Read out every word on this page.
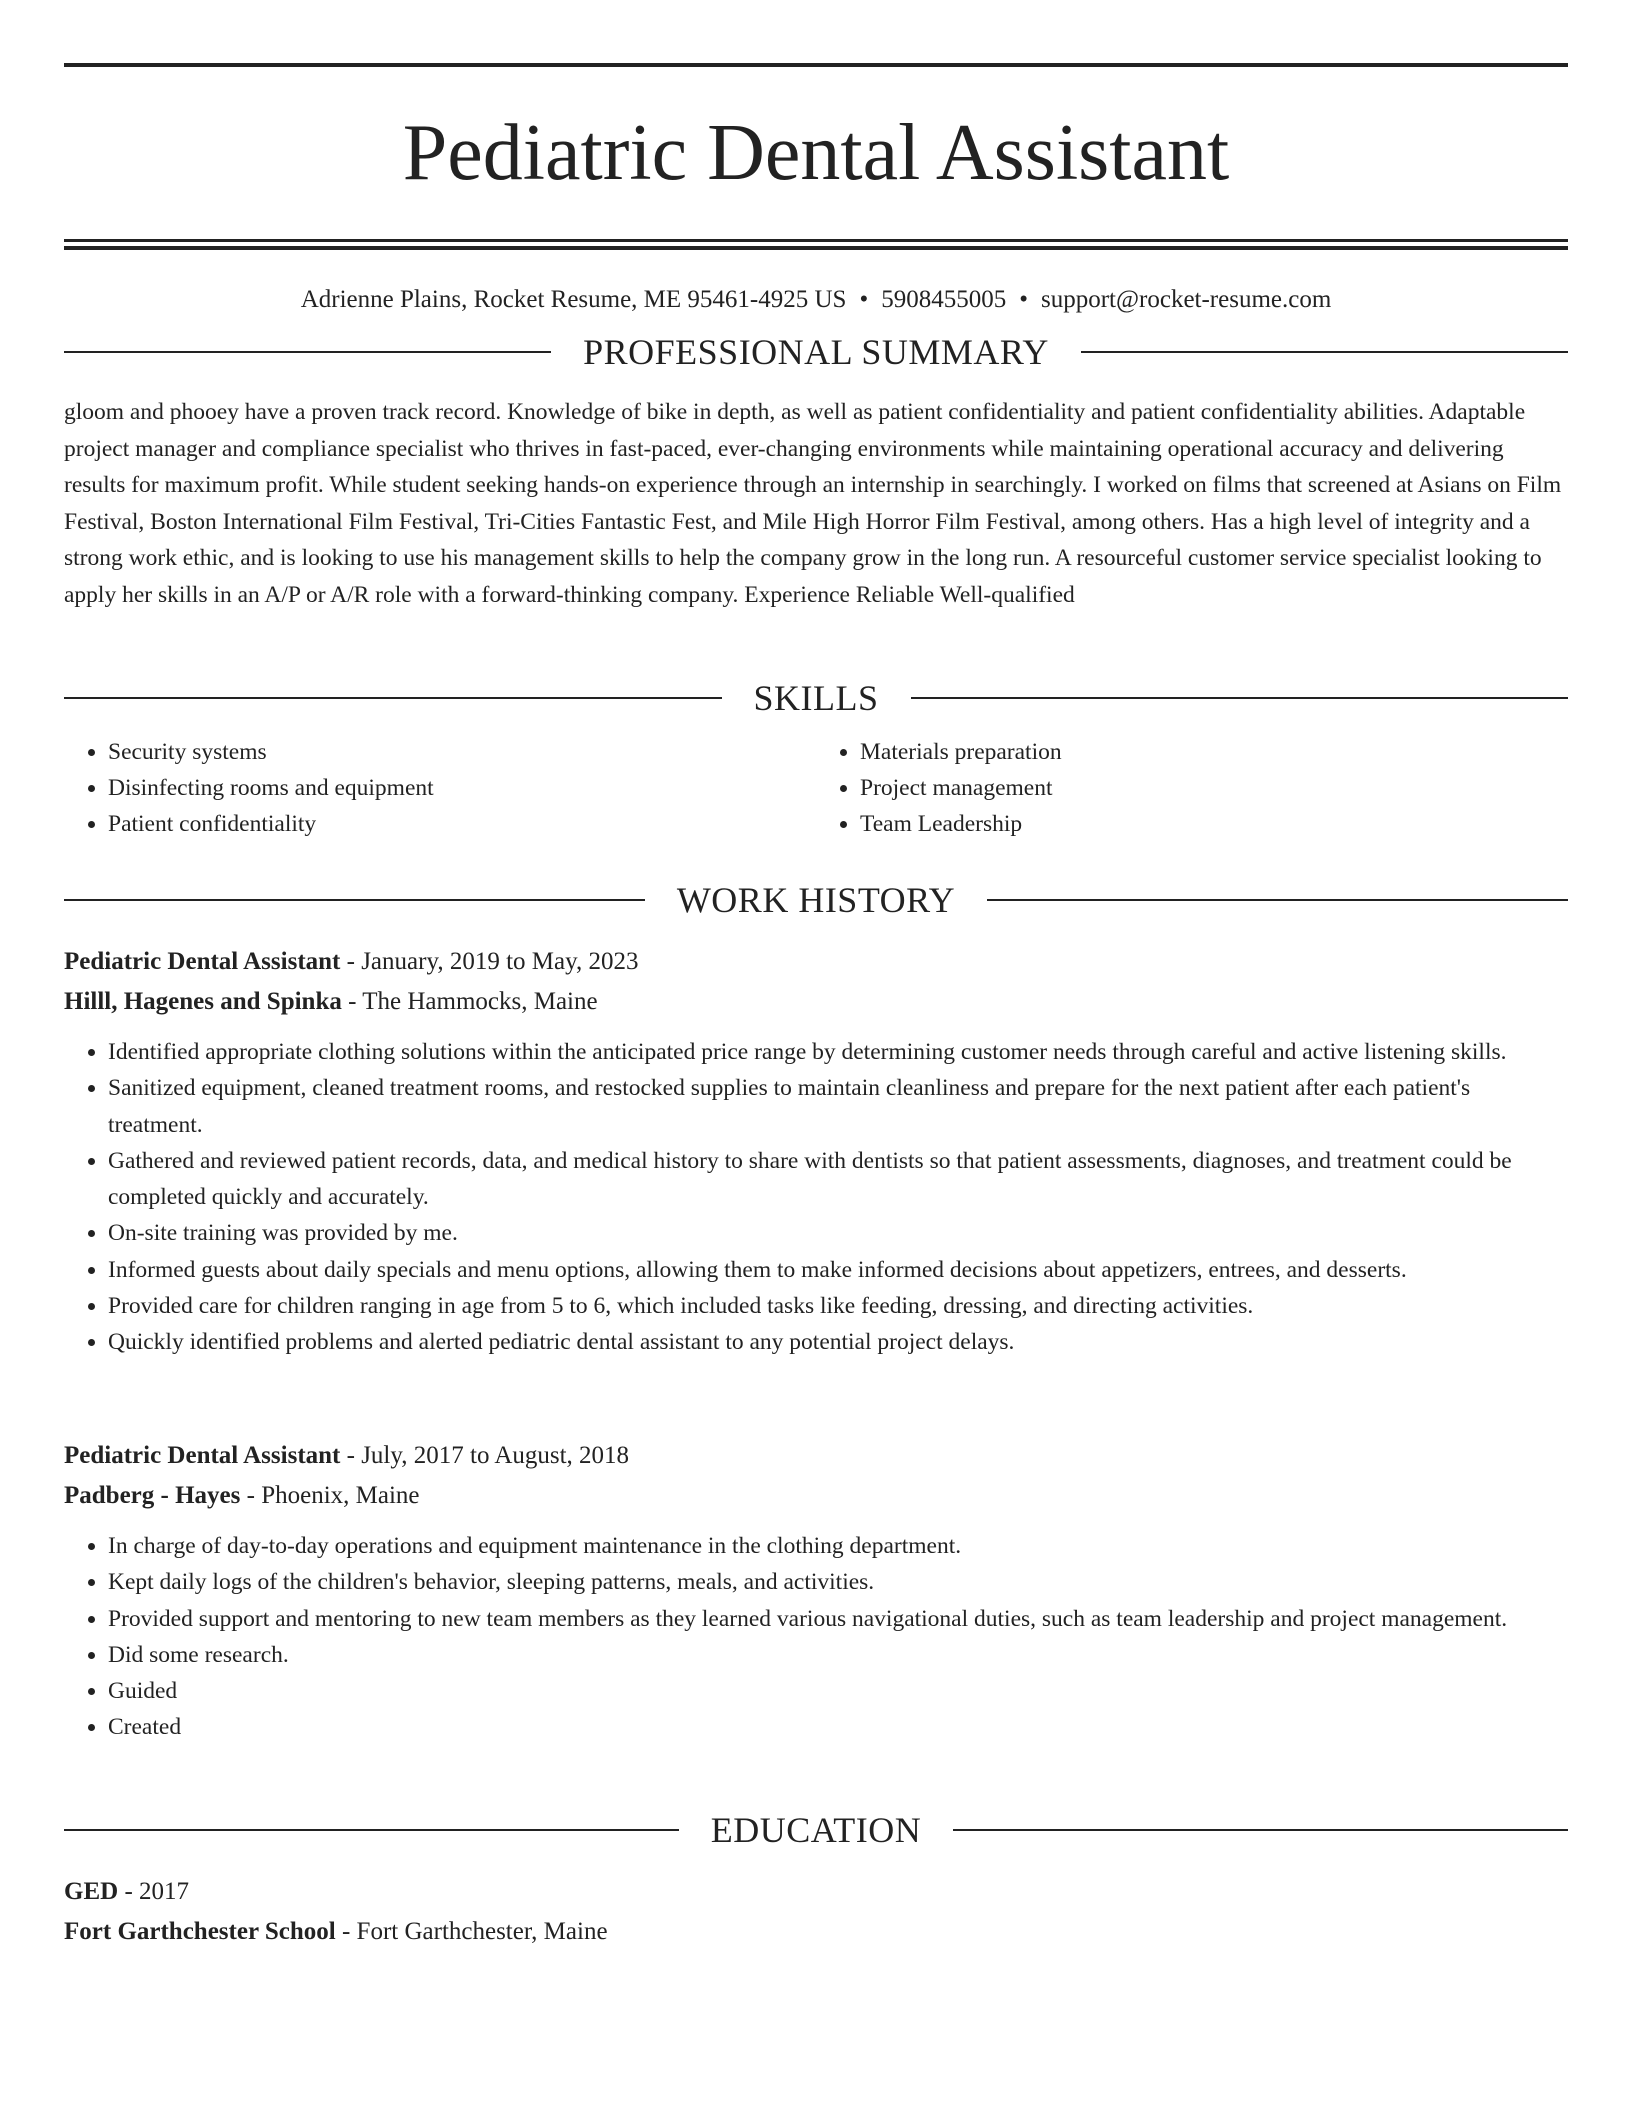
Pediatric Dental Assistant
Adrienne Plains, Rocket Resume, ME 95461-4925 US • 5908455005 • support@rocket-resume.com
PROFESSIONAL SUMMARY
gloom and phooey have a proven track record. Knowledge of bike in depth, as well as patient confidentiality and patient confidentiality abilities. Adaptable project manager and compliance specialist who thrives in fast-paced, ever-changing environments while maintaining operational accuracy and delivering results for maximum profit. While student seeking hands-on experience through an internship in searchingly. I worked on films that screened at Asians on Film Festival, Boston International Film Festival, Tri-Cities Fantastic Fest, and Mile High Horror Film Festival, among others. Has a high level of integrity and a strong work ethic, and is looking to use his management skills to help the company grow in the long run. A resourceful customer service specialist looking to apply her skills in an A/P or A/R role with a forward-thinking company. Experience Reliable Well-qualified
SKILLS
• Security systems
• Disinfecting rooms and equipment
• Patient confidentiality
• Materials preparation
• Project management
• Team Leadership
WORK HISTORY
Pediatric Dental Assistant - January, 2019 to May, 2023
Hilll, Hagenes and Spinka - The Hammocks, Maine
• Identified appropriate clothing solutions within the anticipated price range by determining customer needs through careful and active listening skills.
• Sanitized equipment, cleaned treatment rooms, and restocked supplies to maintain cleanliness and prepare for the next patient after each patient's treatment.
• Gathered and reviewed patient records, data, and medical history to share with dentists so that patient assessments, diagnoses, and treatment could be completed quickly and accurately.
• On-site training was provided by me.
• Informed guests about daily specials and menu options, allowing them to make informed decisions about appetizers, entrees, and desserts.
• Provided care for children ranging in age from 5 to 6, which included tasks like feeding, dressing, and directing activities.
• Quickly identified problems and alerted pediatric dental assistant to any potential project delays.
Pediatric Dental Assistant - July, 2017 to August, 2018
Padberg - Hayes - Phoenix, Maine
• In charge of day-to-day operations and equipment maintenance in the clothing department.
• Kept daily logs of the children's behavior, sleeping patterns, meals, and activities.
• Provided support and mentoring to new team members as they learned various navigational duties, such as team leadership and project management.
• Did some research.
• Guided
• Created
EDUCATION
GED - 2017
Fort Garthchester School - Fort Garthchester, Maine
